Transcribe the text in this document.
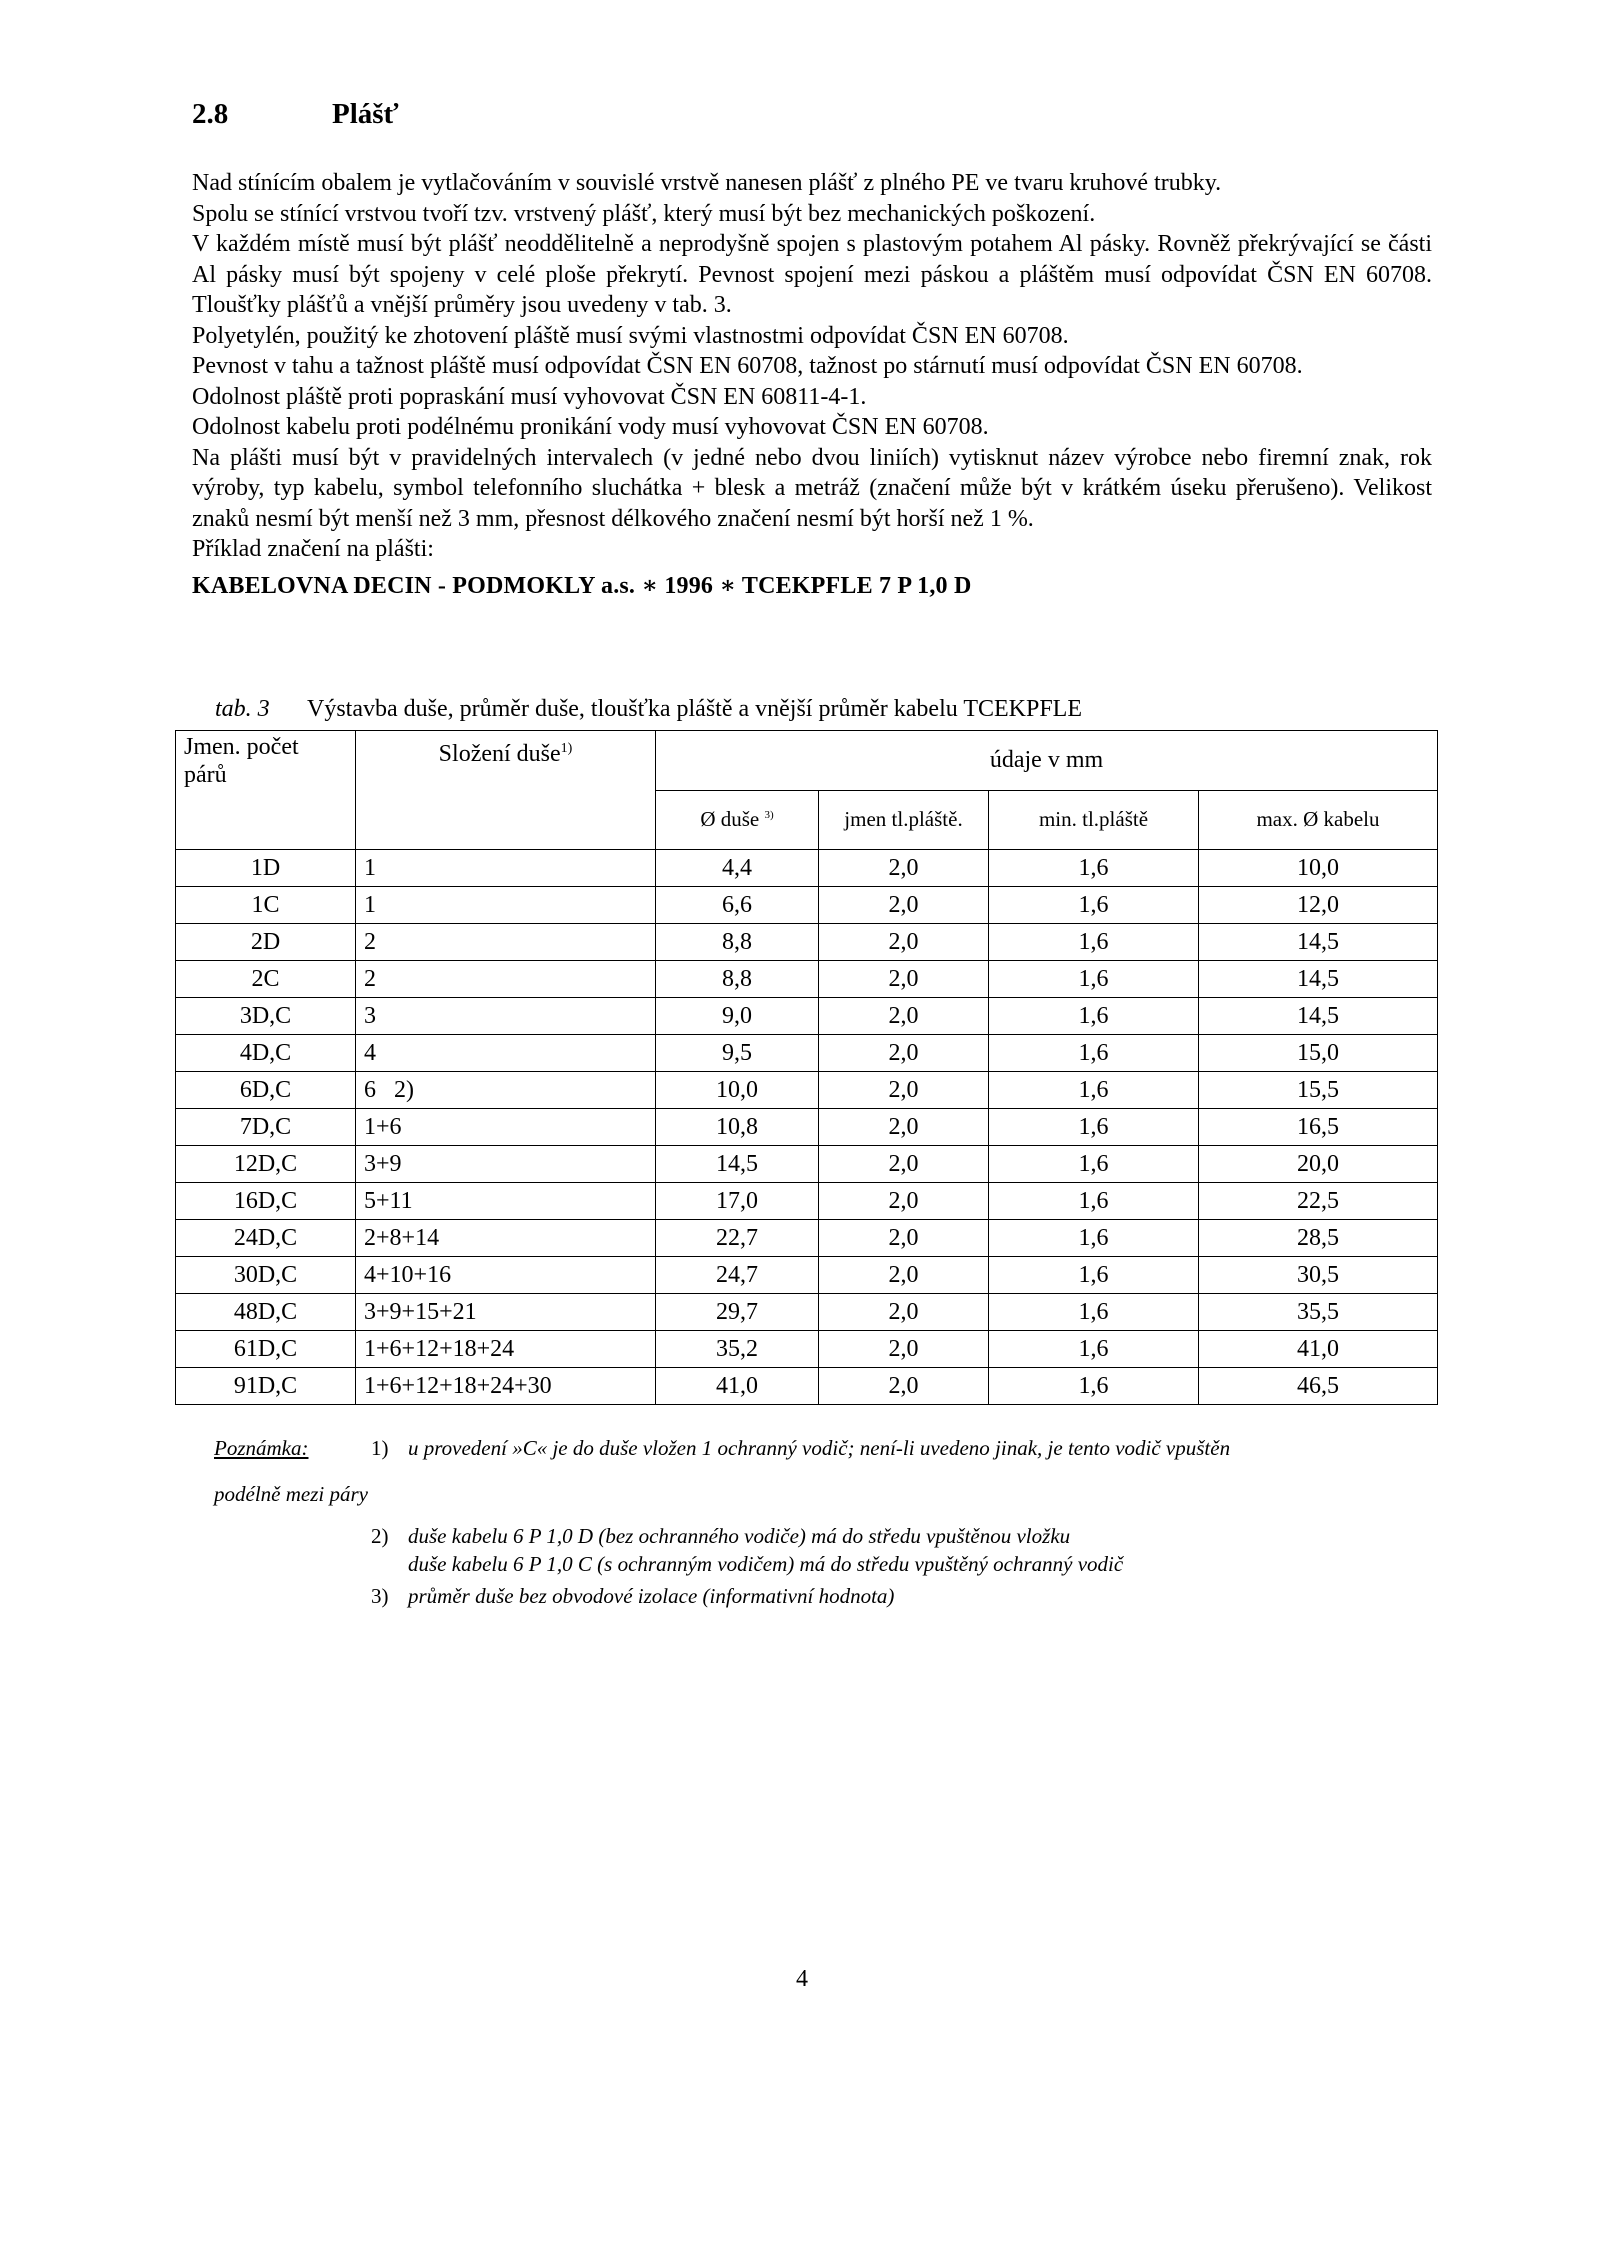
2.8	Plášť

Nad stínícím obalem je vytlačováním v souvislé vrstvě nanesen plášť z plného PE ve tvaru kruhové trubky.

Spolu se stínící vrstvou tvoří tzv. vrstvený plášť, který musí být bez mechanických poškození.

V každém místě musí být plášť neoddělitelně a neprodyšně spojen s plastovým potahem Al pásky. Rovněž překrývající se části Al pásky musí být spojeny v celé ploše překrytí. Pevnost spojení mezi páskou a pláštěm musí odpovídat ČSN EN 60708. Tloušťky plášťů a vnější průměry jsou uvedeny v tab. 3.

Polyetylén, použitý ke zhotovení pláště musí svými vlastnostmi odpovídat ČSN EN 60708.

Pevnost v tahu a tažnost pláště musí odpovídat ČSN EN 60708, tažnost po stárnutí musí odpovídat ČSN EN 60708.

Odolnost pláště proti popraskání musí vyhovovat ČSN EN 60811-4-1.

Odolnost kabelu proti podélnému pronikání vody musí vyhovovat ČSN EN 60708.

Na plášti musí být v pravidelných intervalech (v jedné nebo dvou liniích) vytisknut název výrobce nebo firemní znak, rok výroby, typ kabelu, symbol telefonního sluchátka + blesk a metráž (značení může být v krátkém úseku přerušeno). Velikost znaků nesmí být menší než 3 mm, přesnost délkového značení nesmí být horší než 1 %.

Příklad značení na plášti:

KABELOVNA DECIN - PODMOKLY a.s. ∗ 1996 ∗ TCEKPFLE 7 P 1,0 D

tab. 3 Výstavba duše, průměr duše, tloušťka pláště a vnější průměr kabelu TCEKPFLE
Jmen. počet párů	Složení duše$^{1)}$	údaje v mm			
		Ø duše $^{3)}$	jmen tl.pláště.	min. tl.pláště	max. Ø kabelu
1D	1	4,4	2,0	1,6	10,0
1C	1	6,6	2,0	1,6	12,0
2D	2	8,8	2,0	1,6	14,5
2C	2	8,8	2,0	1,6	14,5
3D,C	3	9,0	2,0	1,6	14,5
4D,C	4	9,5	2,0	1,6	15,0
6D,C	6   2)	10,0	2,0	1,6	15,5
7D,C	1+6	10,8	2,0	1,6	16,5
12D,C	3+9	14,5	2,0	1,6	20,0
16D,C	5+11	17,0	2,0	1,6	22,5
24D,C	2+8+14	22,7	2,0	1,6	28,5
30D,C	4+10+16	24,7	2,0	1,6	30,5
48D,C	3+9+15+21	29,7	2,0	1,6	35,5
61D,C	1+6+12+18+24	35,2	2,0	1,6	41,0
91D,C	1+6+12+18+24+30	41,0	2,0	1,6	46,5
Poznámka:	1) u provedení »C« je do duše vložen 1 ochranný vodič; není-li uvedeno jinak, je tento vodič vpuštěn
podélně mezi páry
2) duše kabelu 6 P 1,0 D (bez ochranného vodiče) má do středu vpuštěnou vložku
duše kabelu 6 P 1,0 C (s ochranným vodičem) má do středu vpuštěný ochranný vodič
3) průměr duše bez obvodové izolace (informativní hodnota)
4
